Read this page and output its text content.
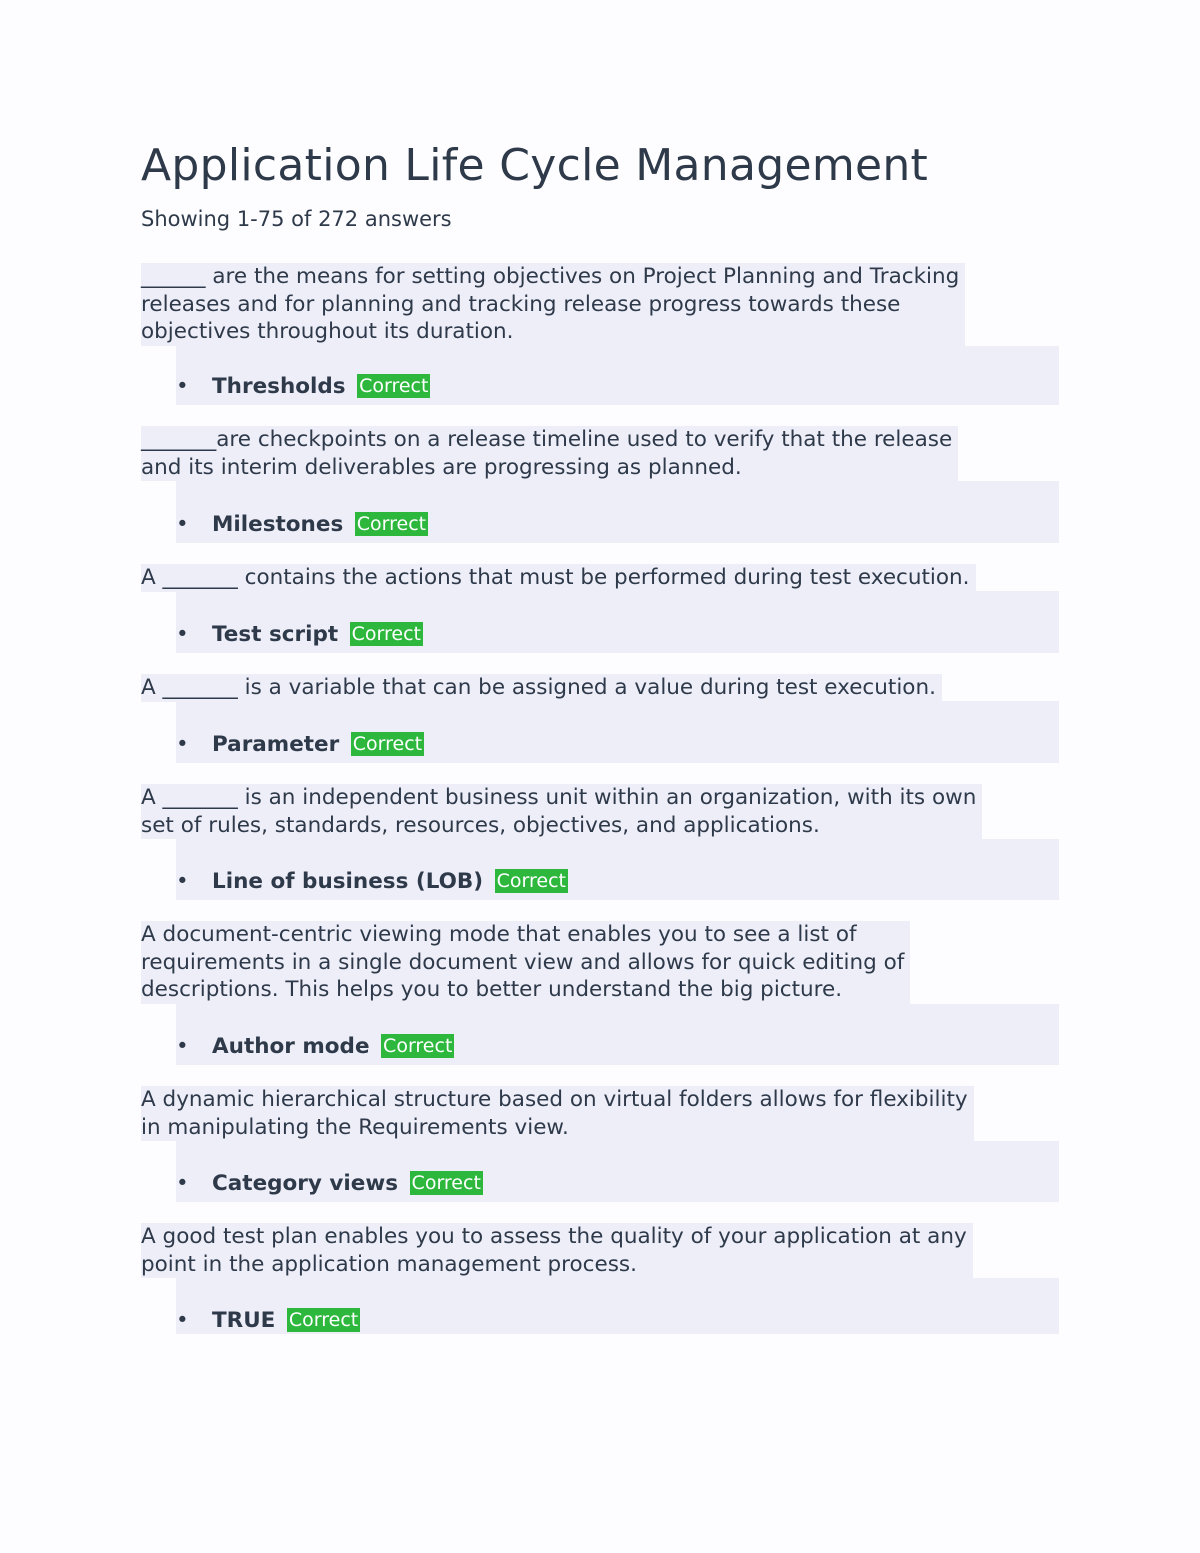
Application Life Cycle Management
Showing 1-75 of 272 answers
______ are the means for setting objectives on Project Planning and Tracking
releases and for planning and tracking release progress towards these
objectives throughout its duration.
• Thresholds Correct
_______are checkpoints on a release timeline used to verify that the release
and its interim deliverables are progressing as planned.
• Milestones Correct
A _______ contains the actions that must be performed during test execution.
• Test script Correct
A _______ is a variable that can be assigned a value during test execution.
• Parameter Correct
A _______ is an independent business unit within an organization, with its own
set of rules, standards, resources, objectives, and applications.
• Line of business (LOB) Correct
A document-centric viewing mode that enables you to see a list of
requirements in a single document view and allows for quick editing of
descriptions. This helps you to better understand the big picture.
• Author mode Correct
A dynamic hierarchical structure based on virtual folders allows for flexibility
in manipulating the Requirements view.
• Category views Correct
A good test plan enables you to assess the quality of your application at any
point in the application management process.
• TRUE Correct
